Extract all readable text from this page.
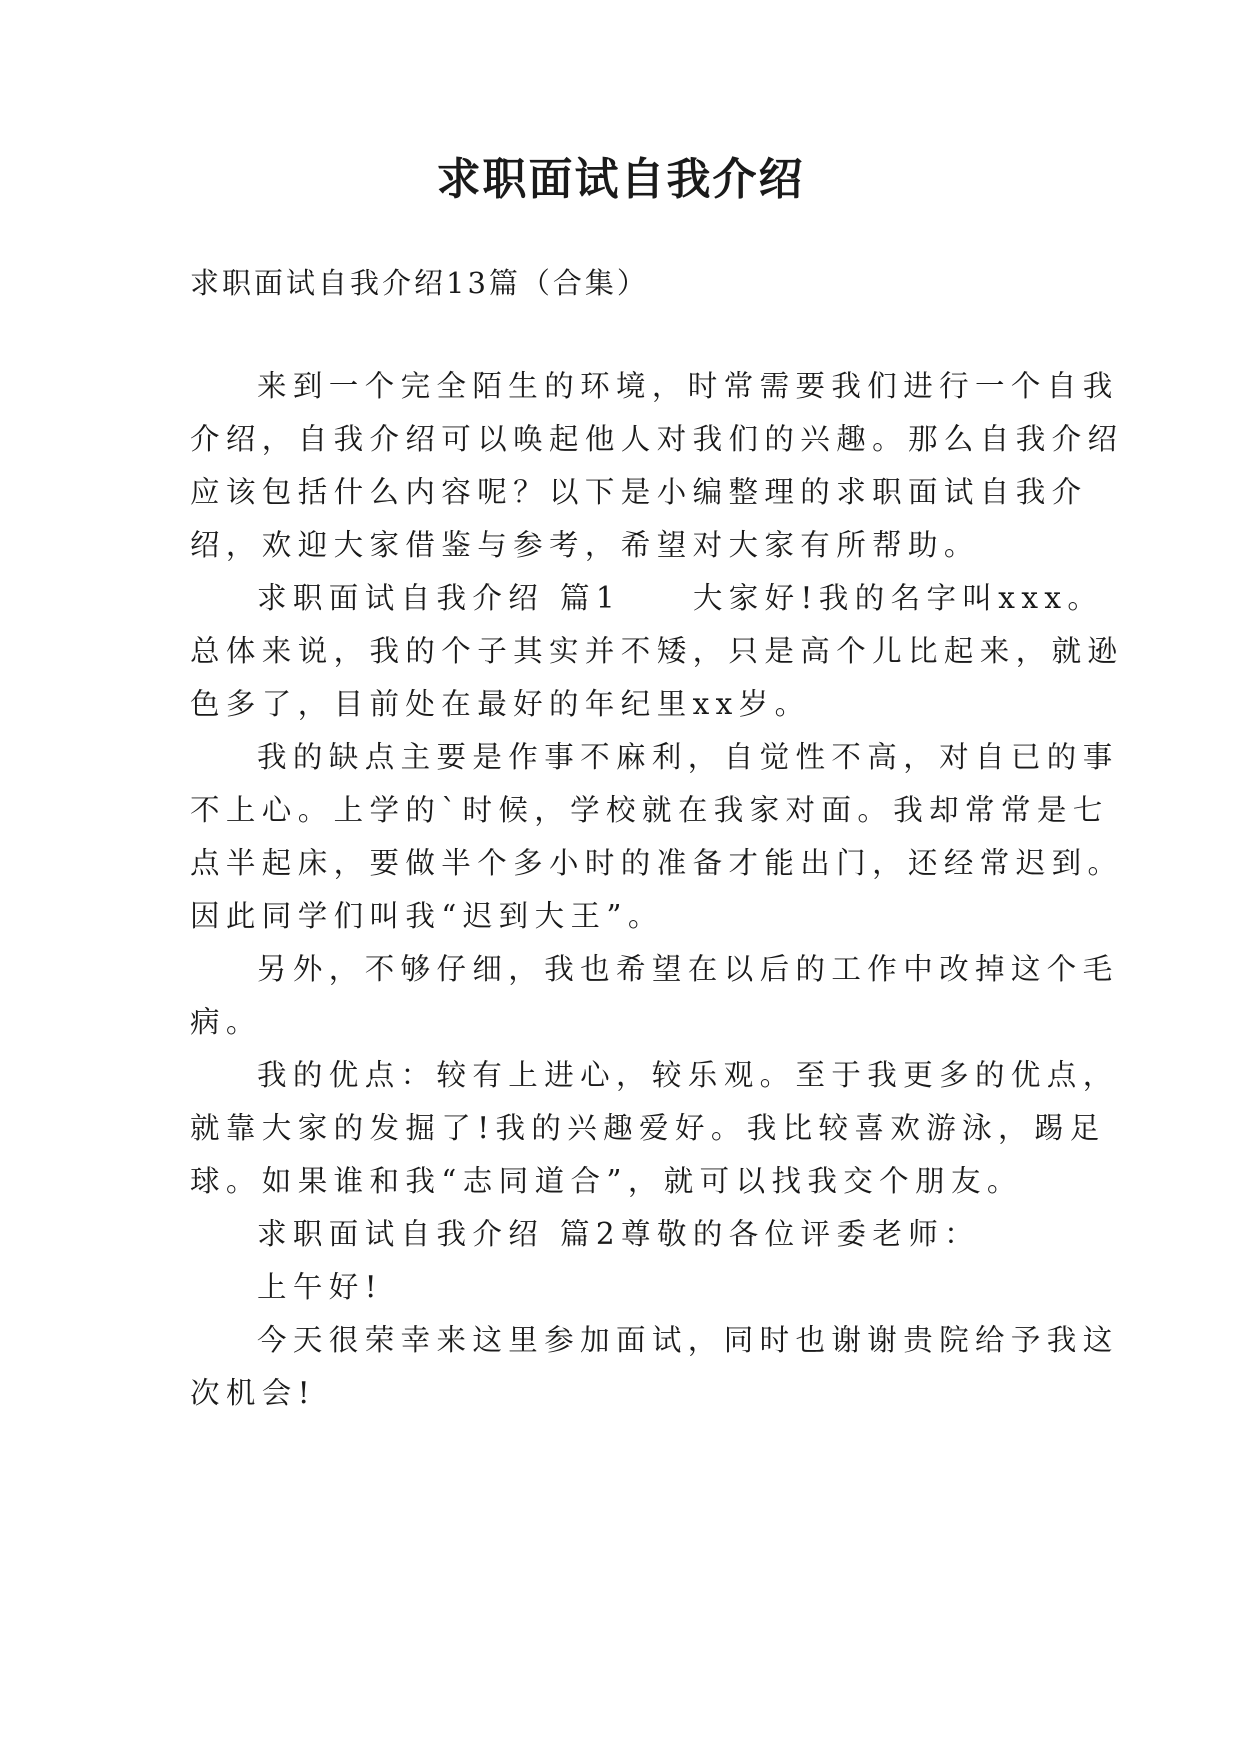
求职面试自我介绍

求职面试自我介绍13篇（合集）

来到一个完全陌生的环境，时常需要我们进行一个自我

介绍，自我介绍可以唤起他人对我们的兴趣。那么自我介绍

应该包括什么内容呢？以下是小编整理的求职面试自我介

绍，欢迎大家借鉴与参考，希望对大家有所帮助。

求职面试自我介绍 篇1　　大家好!我的名字叫xxx。

总体来说，我的个子其实并不矮，只是高个儿比起来，就逊

色多了，目前处在最好的年纪里xx岁。

我的缺点主要是作事不麻利，自觉性不高，对自已的事

不上心。上学的`时候，学校就在我家对面。我却常常是七

点半起床，要做半个多小时的准备才能出门，还经常迟到。

因此同学们叫我“迟到大王”。

另外，不够仔细，我也希望在以后的工作中改掉这个毛

病。

我的优点：较有上进心，较乐观。至于我更多的优点，

就靠大家的发掘了!我的兴趣爱好。我比较喜欢游泳，踢足

球。如果谁和我“志同道合”，就可以找我交个朋友。

求职面试自我介绍 篇2尊敬的各位评委老师：

上午好!

今天很荣幸来这里参加面试，同时也谢谢贵院给予我这

次机会!
